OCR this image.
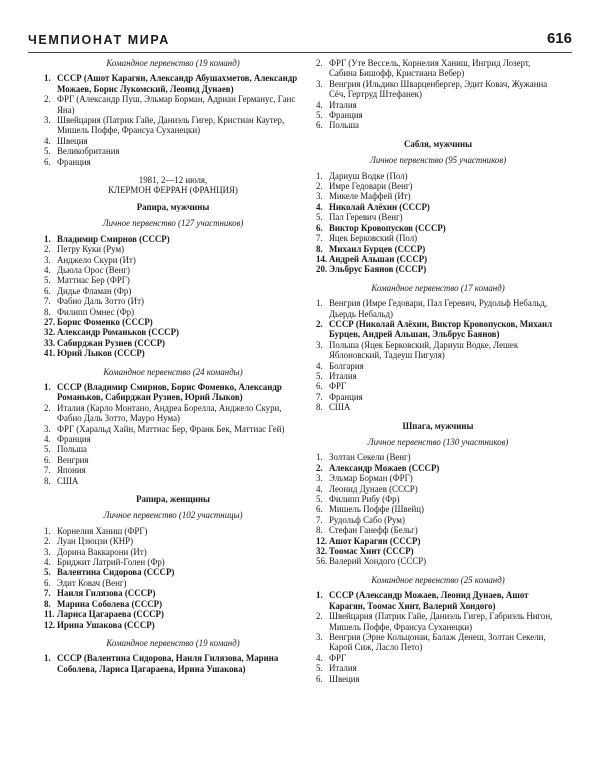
ЧЕМПИОНАТ МИРА	616

Командное первенство (19 команд)

1. СССР (Ашот Карагян, Александр Абушахметов, Александр Можаев, Борис Лукомский, Леонид Дунаев)
2. ФРГ (Александр Пуш, Эльмар Борман, Адриан Германус, Ганс Яна)
3. Швейцария (Патрик Гайе, Даниэль Гигер, Кристиан Каутер, Мишель Поффе, Франсуа Суханецки)
4. Швеция
5. Великобритания
6. Франция

1981, 2—12 июля,

КЛЕРМОН ФЕРРАН (ФРАНЦИЯ)

Рапира, мужчины

Личное первенство (127 участников)

1. Владимир Смирнов (СССР)
2. Петру Куки (Рум)
3. Анджело Скури (Ит)
4. Дьюла Орос (Венг)
5. Маттиас Бер (ФРГ)
6. Дидье Фламан (Фр)
7. Фабио Даль Зотто (Ит)
8. Филипп Омнес (Фр)
27. Борис Фоменко (СССР)
32. Александр Романьков (СССР)
33. Сабирджан Рузиев (СССР)
41. Юрий Лыков (СССР)

Командное первенство (24 команды)

1. СССР (Владимир Смирнов, Борис Фоменко, Александр Романьков, Сабирджан Рузиев, Юрий Лыков)
2. Италия (Карло Монтано, Андреа Борелла, Анджело Скури, Фабио Даль Зотто, Мауро Нума)
3. ФРГ (Харальд Хайн, Маттиас Бер, Франк Бек, Маттиас Гей)
4. Франция
5. Польша
6. Венгрия
7. Япония
8. США

Рапира, женщины

Личное первенство (102 участницы)

1. Корнелия Ханиш (ФРГ)
2. Луан Цзюцзи (КНР)
3. Дорина Ваккарони (Ит)
4. Бриджит Латрий-Голен (Фр)
5. Валентина Сидорова (СССР)
6. Эдит Ковач (Венг)
7. Наиля Гилязова (СССР)
8. Марина Соболева (СССР)
11. Лариса Цагараева (СССР)
12. Ирина Ушакова (СССР)

Командное первенство (19 команд)

1. СССР (Валентина Сидорова, Наиля Гилязова, Марина Соболева, Лариса Цагараева, Ирина Ушакова)
2. ФРГ (Уте Вессель, Корнелия Ханиш, Ингрид Лозерт, Сабина Бишофф, Кристиана Вебер)
3. Венгрия (Ильдико Шварценбергер, Эдит Ковач, Жужанна Сёч, Гертруд Штефанек)
4. Италия
5. Франция
6. Польша

Сабля, мужчины

Личное первенство (95 участников)

1. Дариуш Водке (Пол)
2. Имре Гедовари (Венг)
3. Микеле Маффей (Ит)
4. Николай Алёхин (СССР)
5. Пал Геревич (Венг)
6. Виктор Кровопусков (СССР)
7. Яцек Берковский (Пол)
8. Михаил Бурцев (СССР)
14. Андрей Альшан (СССР)
20. Эльбрус Баянов (СССР)

Командное первенство (17 команд)

1. Венгрия (Имре Гедовари, Пал Геревич, Рудольф Небальд, Дьердь Небальд)
2. СССР (Николай Алёхин, Виктор Кровопусков, Михаил Бурцев, Андрей Альшан, Эльбрус Баянов)
3. Польша (Яцек Берковский, Дариуш Водке, Лешек Яблоновский, Тадеуш Пигуля)
4. Болгария
5. Италия
6. ФРГ
7. Франция
8. США

Шпага, мужчины

Личное первенство (130 участников)

1. Золтан Секели (Венг)
2. Александр Можаев (СССР)
3. Эльмар Борман (ФРГ)
4. Леонид Дунаев (СССР)
5. Филипп Рибу (Фр)
6. Мишель Поффе (Швейц)
7. Рудольф Сабо (Рум)
8. Стефан Ганефф (Бельг)
12. Ашот Карагян (СССР)
32. Тоомас Хинт (СССР)
56. Валерий Хондого (СССР)

Командное первенство (25 команд)

1. СССР (Александр Можаев, Леонид Дунаев, Ашот Карагян, Тоомас Хинт, Валерий Хондого)
2. Швейцария (Патрик Гайе, Даниэль Гигер, Габриэль Нигон, Мишель Поффе, Франсуа Суханецки)
3. Венгрия (Эрне Кольцонаи, Балаж Денеш, Золтан Секели, Карой Сиж, Ласло Пето)
4. ФРГ
5. Италия
6. Швеция
